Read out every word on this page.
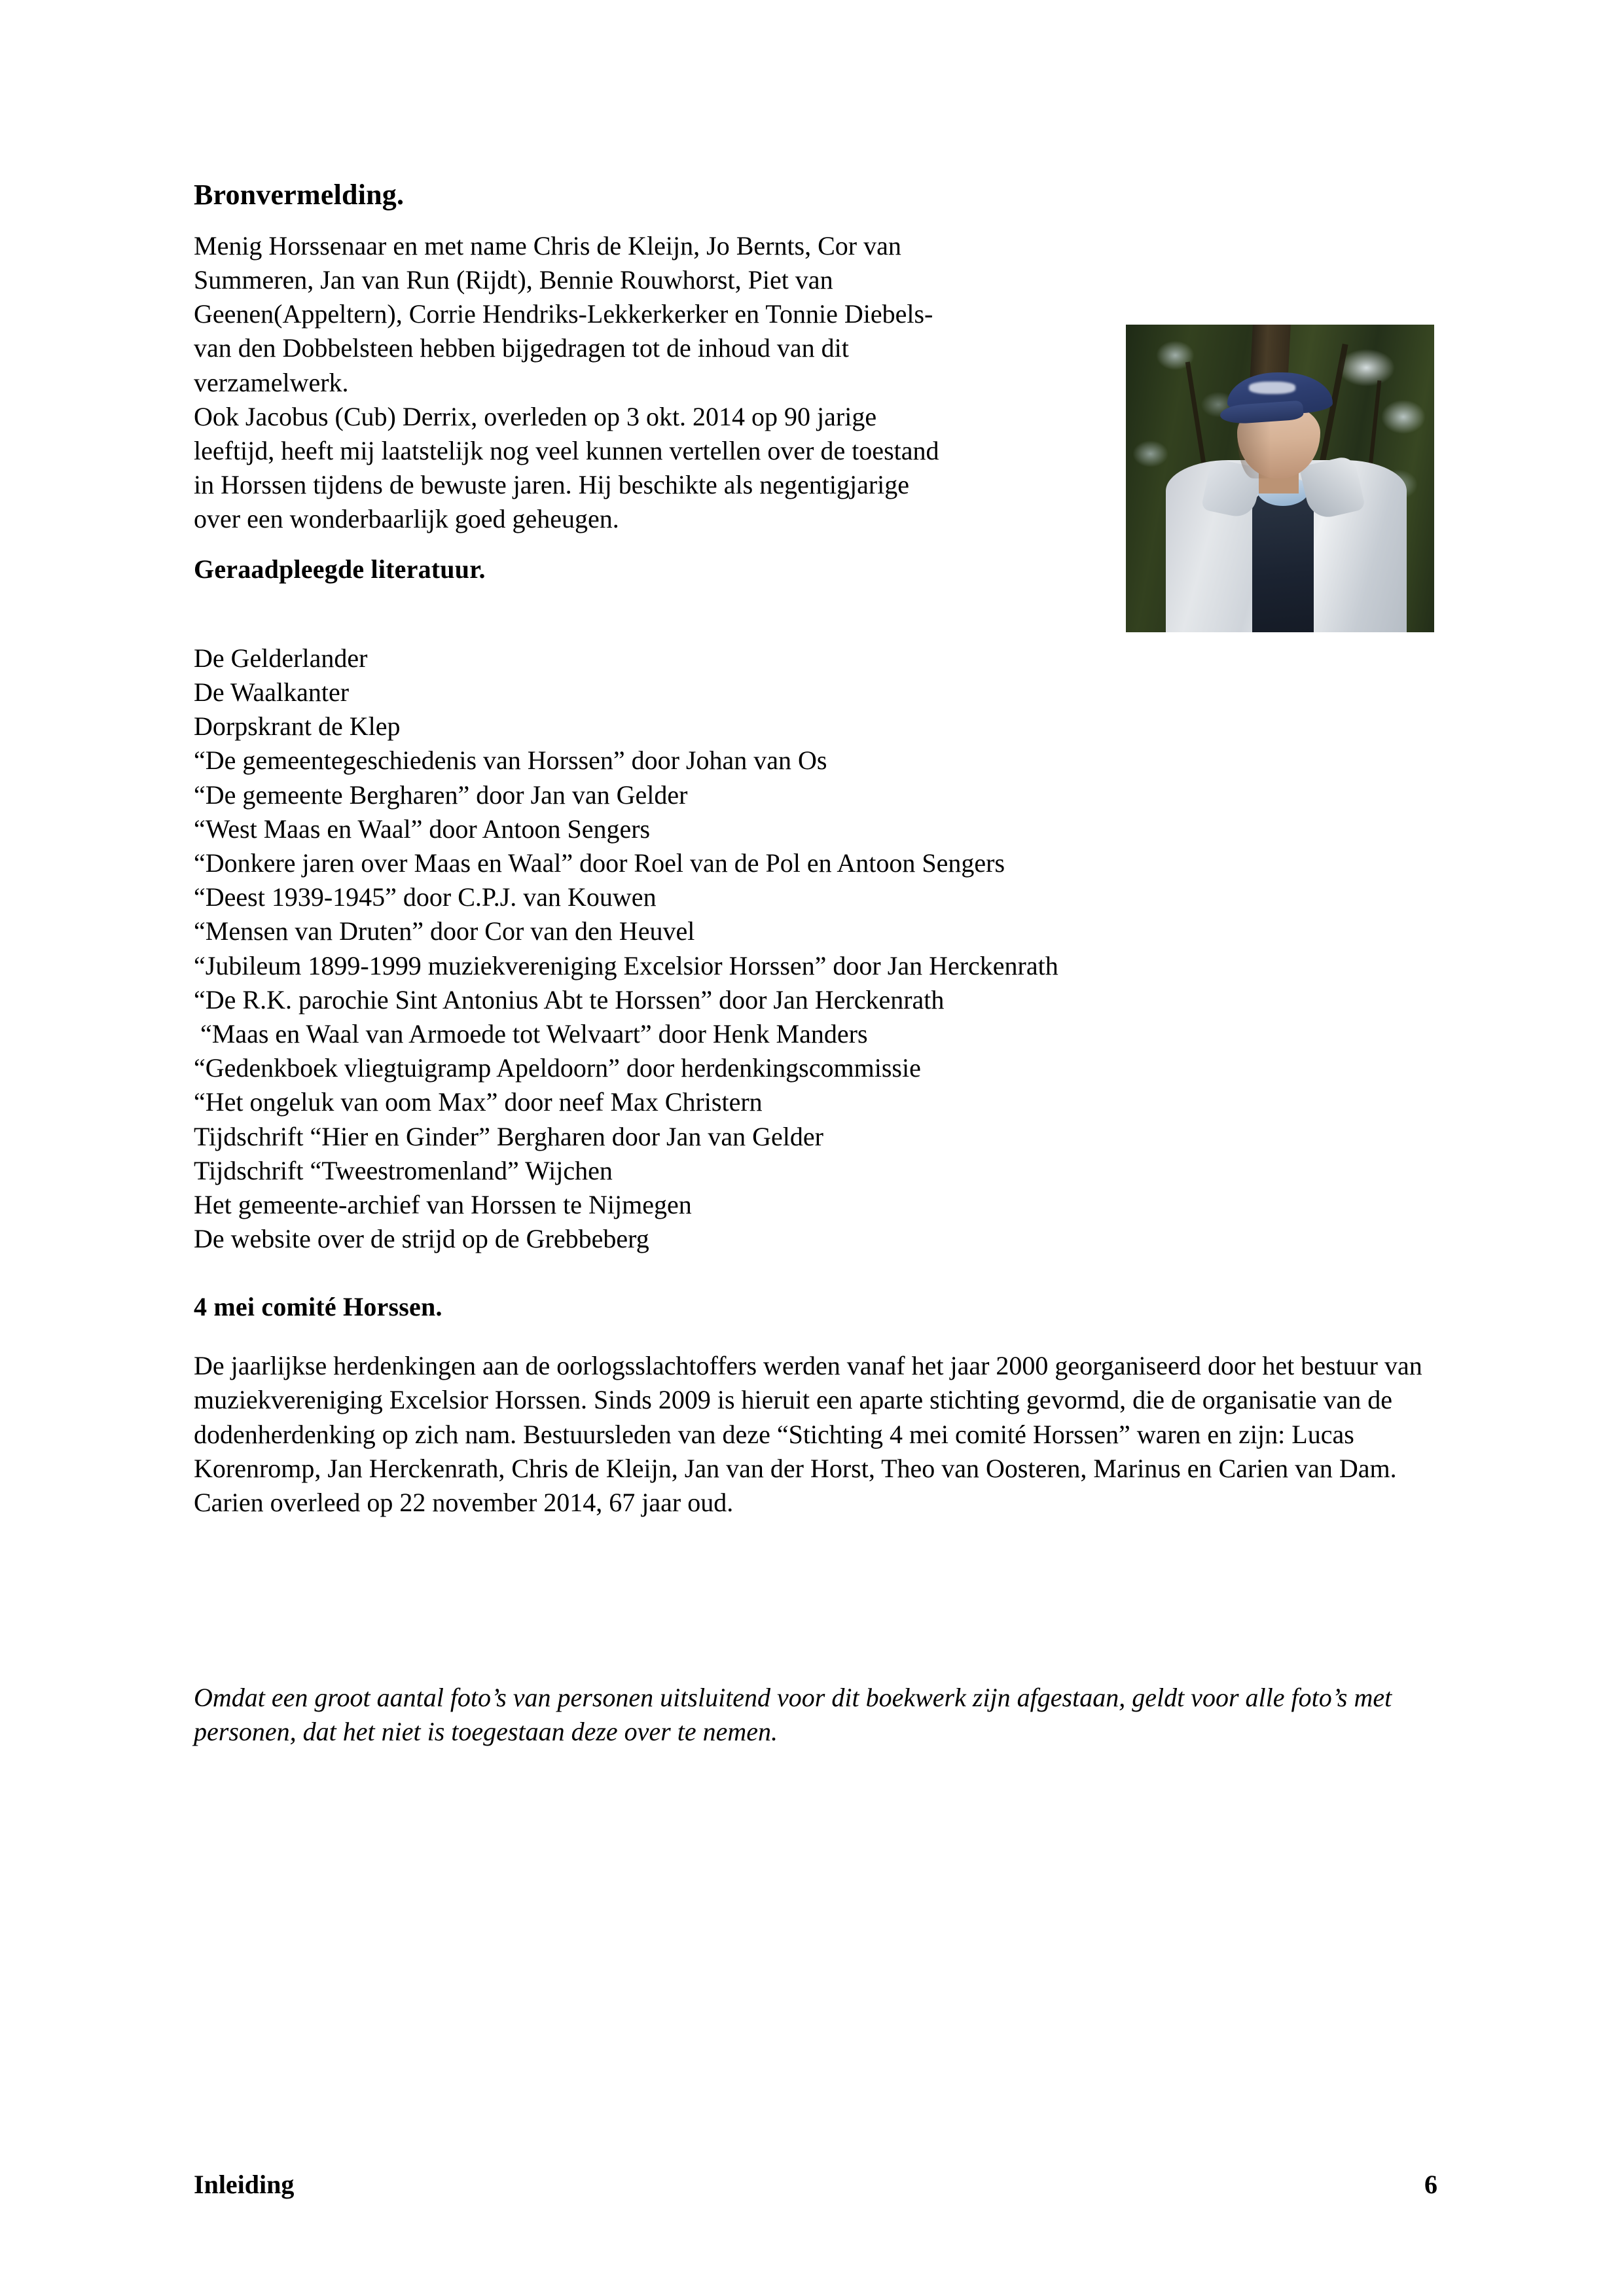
Bronvermelding.

Menig Horssenaar en met name Chris de Kleijn, Jo Bernts, Cor van Summeren, Jan van Run (Rijdt), Bennie Rouwhorst, Piet van Geenen(Appeltern), Corrie Hendriks-Lekkerkerker en Tonnie Diebels-van den Dobbelsteen hebben bijgedragen tot de inhoud van dit verzamelwerk.

Ook Jacobus (Cub) Derrix, overleden op 3 okt. 2014 op 90 jarige leeftijd, heeft mij laatstelijk nog veel kunnen vertellen over de toestand in Horssen tijdens de bewuste jaren. Hij beschikte als negentigjarige over een wonderbaarlijk goed geheugen.

Geraadpleegde literatuur.
De Gelderlander
De Waalkanter
Dorpskrant de Klep
“De gemeentegeschiedenis van Horssen” door Johan van Os
“De gemeente Bergharen” door Jan van Gelder
“West Maas en Waal” door Antoon Sengers
“Donkere jaren over Maas en Waal” door Roel van de Pol en Antoon Sengers
“Deest 1939-1945” door C.P.J. van Kouwen
“Mensen van Druten” door Cor van den Heuvel
“Jubileum 1899-1999 muziekvereniging Excelsior Horssen” door Jan Herckenrath
“De R.K. parochie Sint Antonius Abt te Horssen” door Jan Herckenrath
“Maas en Waal van Armoede tot Welvaart” door Henk Manders
“Gedenkboek vliegtuigramp Apeldoorn” door herdenkingscommissie
“Het ongeluk van oom Max” door neef Max Christern
Tijdschrift “Hier en Ginder” Bergharen door Jan van Gelder
Tijdschrift “Tweestromenland” Wijchen
Het gemeente-archief van Horssen te Nijmegen
De website over de strijd op de Grebbeberg
4 mei comité Horssen.

De jaarlijkse herdenkingen aan de oorlogsslachtoffers werden vanaf het jaar 2000 georganiseerd door het bestuur van muziekvereniging Excelsior Horssen. Sinds 2009 is hieruit een aparte stichting gevormd, die de organisatie van de dodenherdenking op zich nam. Bestuursleden van deze “Stichting 4 mei comité Horssen” waren en zijn: Lucas Korenromp, Jan Herckenrath, Chris de Kleijn, Jan van der Horst, Theo van Oosteren, Marinus en Carien van Dam. Carien overleed op 22 november 2014, 67 jaar oud.

Omdat een groot aantal foto’s van personen uitsluitend voor dit boekwerk zijn afgestaan, geldt voor alle foto’s met personen, dat het niet is toegestaan deze over te nemen.

Inleiding	6
